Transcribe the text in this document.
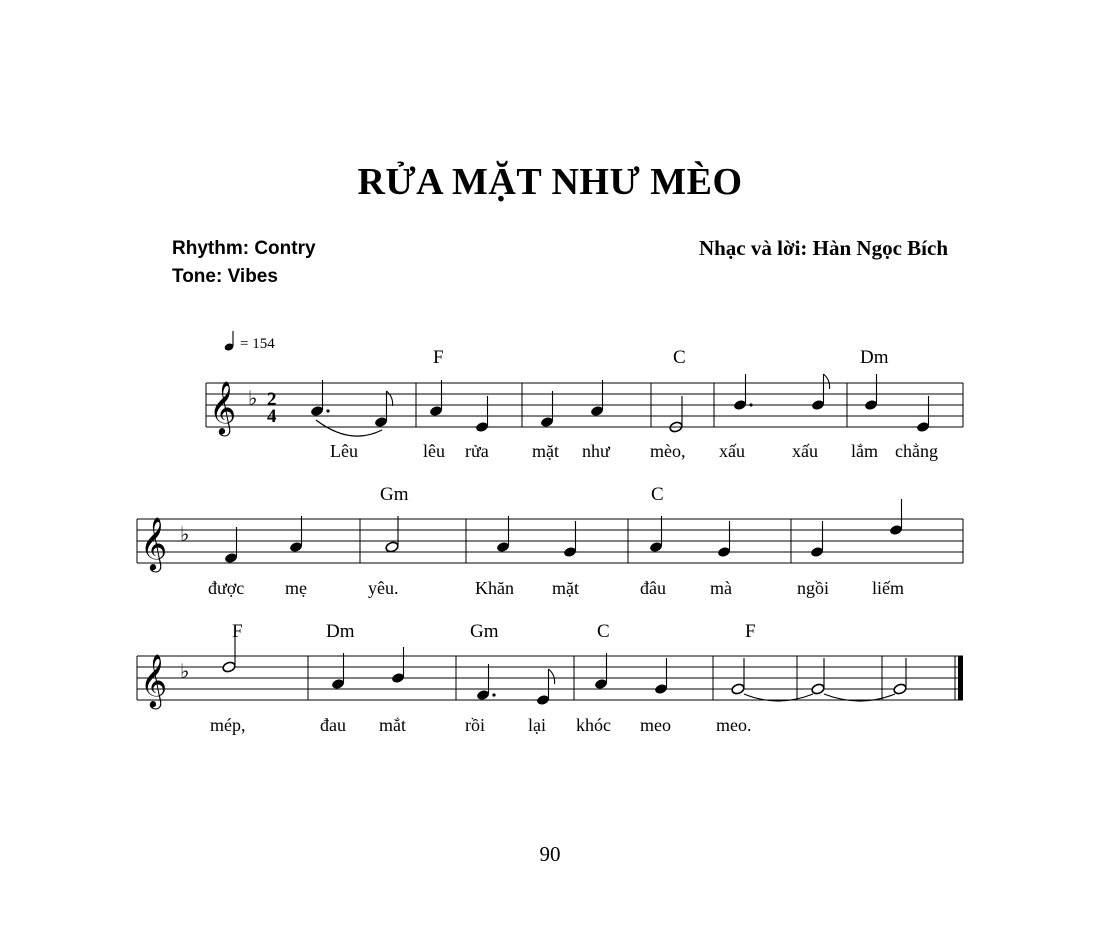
RỬA MẶT NHƯ MÈO
Rhythm: Contry
Tone: Vibes
Nhạc và lời: Hàn Ngọc Bích
90
= 154
𝄞 ♭ 2
4
F	C	Dm
Lêu	lêu rửa mặt như mèo, xấu	xấu lắm chẳng
𝄞 ♭
Gm	C
được mẹ	yêu.	Khăn mặt	đâu mà	ngồi liếm
𝄞 ♭
F	Dm	Gm	C	F
mép,	đau mắt	rồi lại khóc meo	meo.
